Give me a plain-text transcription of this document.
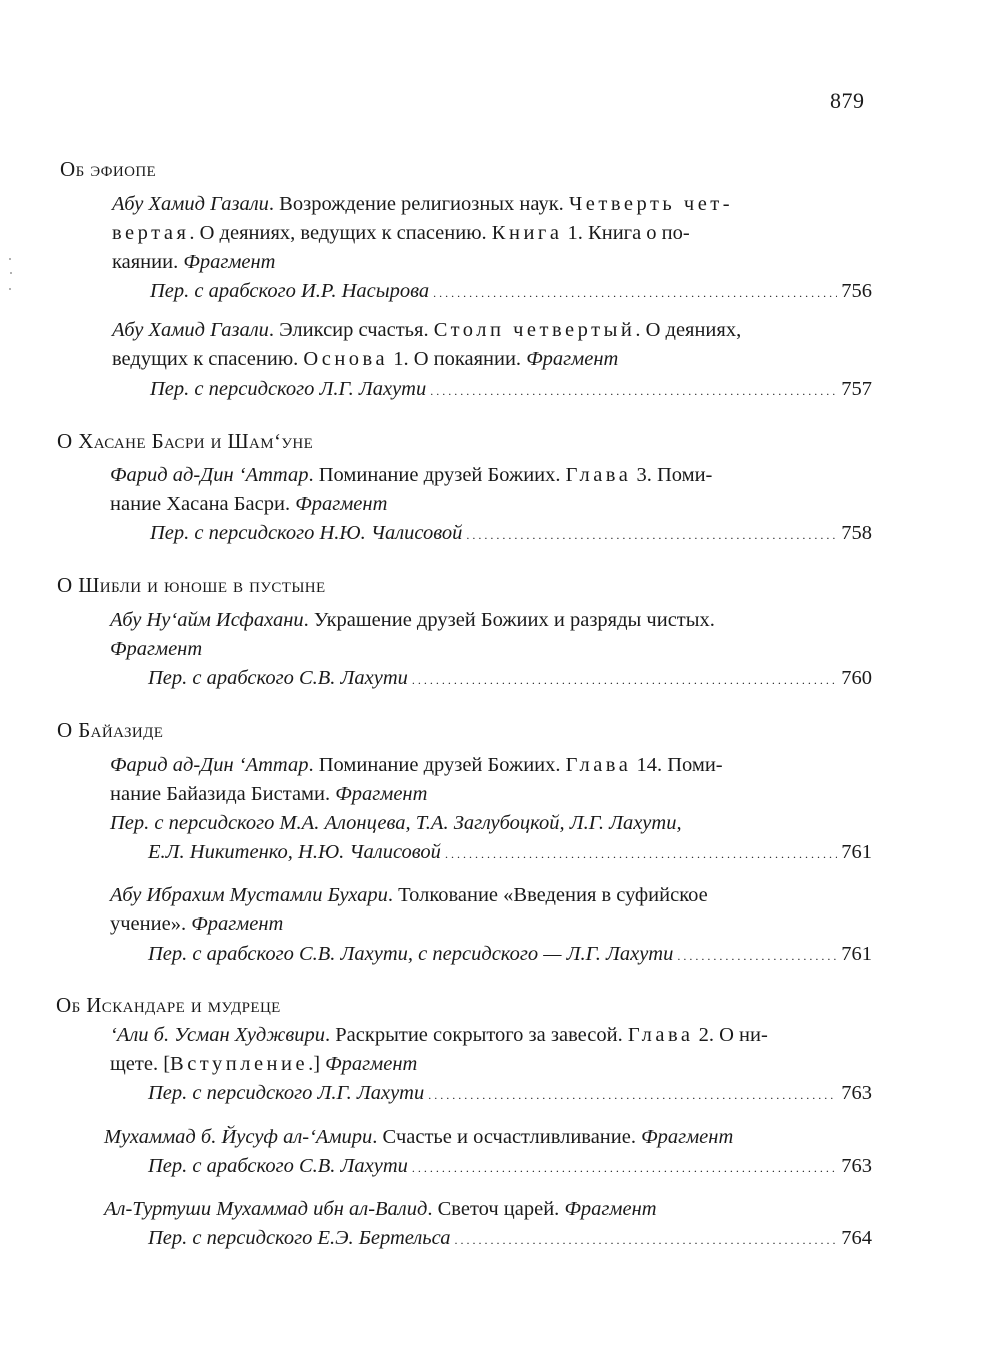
879
Об эфиопе
Абу Хамид Газали. Возрождение религиозных наук. Четверть чет-
вертая. О деяниях, ведущих к спасению. Книга 1. Книга о по-
каянии. Фрагмент
Пер. с арабского И.Р. Насырова . . .	756
Абу Хамид Газали. Эликсир счастья. Столп четвертый. О деяниях,
ведущих к спасению. Основа 1. О покаянии. Фрагмент
Пер. с персидского Л.Г. Лахути . . .	757
О Хасане Басри и Шам‘уне
Фарид ад-Дин ‘Аттар. Поминание друзей Божиих. Глава 3. Поми-
нание Хасана Басри. Фрагмент
Пер. с персидского Н.Ю. Чалисовой . . .	758
О Шибли и юноше в пустыне
Абу Ну‘айм Исфахани. Украшение друзей Божиих и разряды чистых.
Фрагмент
Пер. с арабского С.В. Лахути . . .	760
О Байазиде
Фарид ад-Дин ‘Аттар. Поминание друзей Божиих. Глава 14. Поми-
нание Байазида Бистами. Фрагмент
Пер. с персидского М.А. Алонцева, Т.А. Заглубоцкой, Л.Г. Лахути,
Е.Л. Никитенко, Н.Ю. Чалисовой . . .	761
Абу Ибрахим Мустамли Бухари. Толкование «Введения в суфийское
учение». Фрагмент
Пер. с арабского С.В. Лахути, с персидского — Л.Г. Лахути . . .	761
Об Искандаре и мудреце
‘Али б. Усман Худжвири. Раскрытие сокрытого за завесой. Глава 2. О ни-
щете. [Вступление.] Фрагмент
Пер. с персидского Л.Г. Лахути . . .	763
Мухаммад б. Йусуф ал-‘Амири. Счастье и осчастливливание. Фрагмент
Пер. с арабского С.В. Лахути . . .	763
Ал-Туртуши Мухаммад ибн ал-Валид. Светоч царей. Фрагмент
Пер. с персидского Е.Э. Бертельса . . .	764
